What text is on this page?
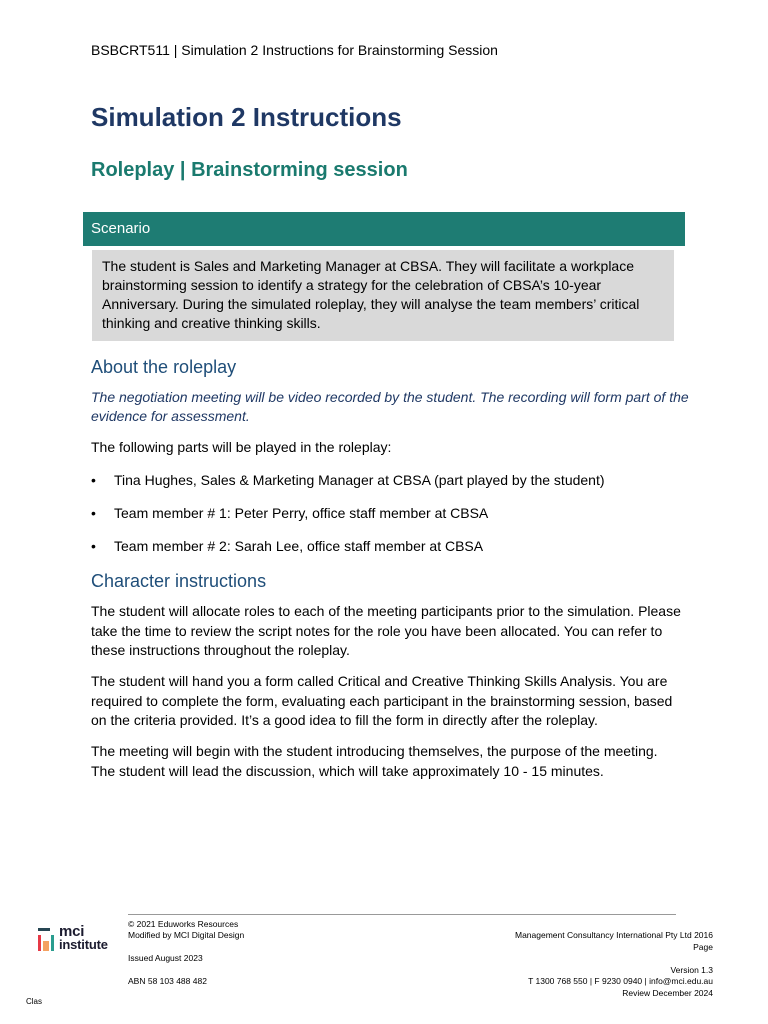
BSBCRT511 | Simulation 2 Instructions for Brainstorming Session
Simulation 2 Instructions
Roleplay | Brainstorming session
Scenario
The student is Sales and Marketing Manager at CBSA. They will facilitate a workplace brainstorming session to identify a strategy for the celebration of CBSA’s 10-year Anniversary. During the simulated roleplay, they will analyse the team members’ critical thinking and creative thinking skills.
About the roleplay
The negotiation meeting will be video recorded by the student. The recording will form part of the evidence for assessment.
The following parts will be played in the roleplay:
• Tina Hughes, Sales & Marketing Manager at CBSA (part played by the student)
• Team member # 1: Peter Perry, office staff member at CBSA
• Team member # 2: Sarah Lee, office staff member at CBSA
Character instructions
The student will allocate roles to each of the meeting participants prior to the simulation. Please take the time to review the script notes for the role you have been allocated. You can refer to these instructions throughout the roleplay.
The student will hand you a form called Critical and Creative Thinking Skills Analysis. You are required to complete the form, evaluating each participant in the brainstorming session, based on the criteria provided. It’s a good idea to fill the form in directly after the roleplay.
The meeting will begin with the student introducing themselves, the purpose of the meeting. The student will lead the discussion, which will take approximately 10 - 15 minutes.
mci
institute
© 2021 Eduworks Resources
Modified by MCI Digital Design
Issued August 2023
ABN 58 103 488 482
Management Consultancy International Pty Ltd 2016
Page
Version 1.3
T 1300 768 550 | F 9230 0940 | info@mci.edu.au
Review December 2024
Clas
